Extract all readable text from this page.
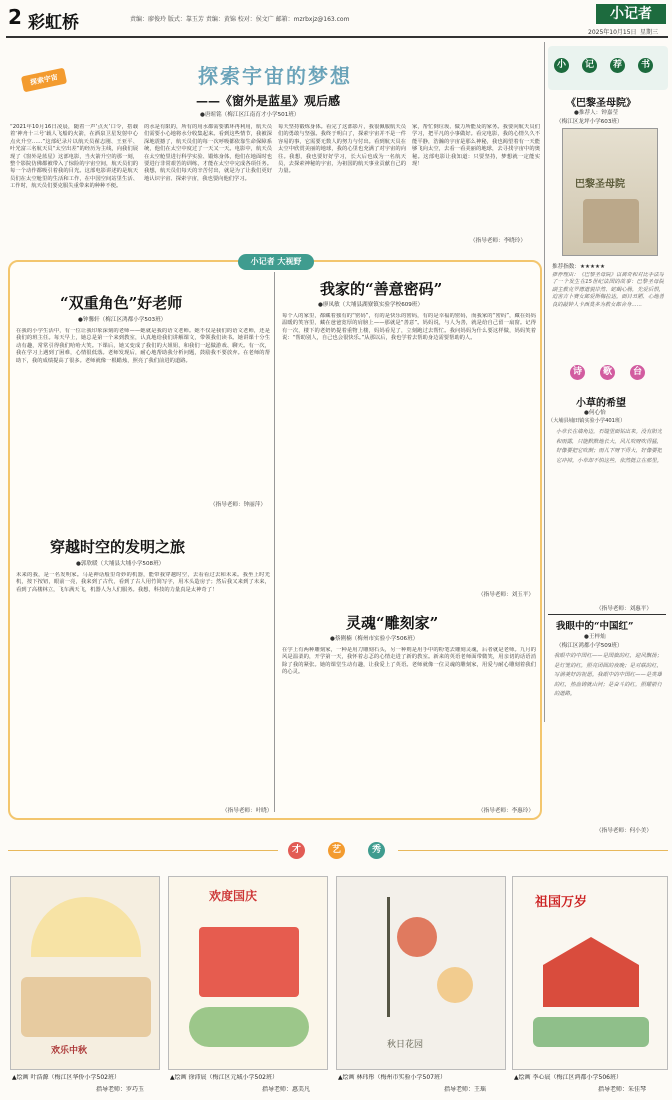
2 彩虹桥	责编：廖俊玲 版式：靠玉芳 责编：黄锦 校对：侯文广 邮箱：mzrbxjz@163.com	小记者
2025年10月15日 星期三
探索宇宙	探索宇宙的梦想
——《窗外是蓝星》观后感
●唐暄铭（梅江区江南育才小学501班）
“2021年10月16日凌晨，随着一声‘点火’口令，搭载着‘神舟十三号’载人飞船的火箭，在酒泉卫星发射中心点火升空……”这部纪录片以航天员翟志刚、王亚平、叶光富三名航天员“太空出差”的经历为主线，向我们展现了《窗外是蓝星》这部电影，当火箭升空的那一刻，整个影院仿佛都被带入了惊险的宇宙空间，航天员们的每一个动作都吸引着我的目光。这部电影讲述的是航天员们在太空舱里的生活和工作，在中国空间站里生活、工作时，航天员们要克服失重带来的种种不便。
的水是有限的，所有的用水都需要循环再利用，航天员们需要小心地将水分收集起来。看到这些情节，我被深深地震撼了，航天员们的每一次呼吸都依靠生命保障系统，他们在太空中度过了一天又一天。电影中，航天员在太空舱里进行科学实验、锻炼身体，他们在地面时也要进行非常艰苦的训练，才能在太空中完成各项任务。我想，航天员们每天的辛苦付出，就是为了让我们更好地认识宇宙、探索宇宙，我也要向他们学习。
每天坚持锻炼身体。看完了这部影片，我很佩服航天员们的勇敢与坚强。我终于明白了，探索宇宙并不是一件容易的事，它需要无数人的努力与付出。看到航天员在太空中欣赏美丽的地球，我的心里也充满了对宇宙的向往。我想，我也要好好学习，长大后也成为一名航天员，去探索神秘的宇宙，为祖国的航天事业贡献自己的力量。
家，帮忙倒垃圾、做力所能及的家务。我要向航天员们学习，把平凡的小事做好。看完电影，我的心情久久不能平静，浩瀚的宇宙是那么神秘，我也渴望着有一天能够飞向太空，去看一看美丽的地球，去寻找宇宙中的奥秘。这部电影让我知道：只要坚持，梦想就一定能实现！
（指导老师：李晓玲）
小	记	荐	书
《巴黎圣母院》
●推荐人：钟嘉莹
（梅江区龙坪小学603班）
巴黎圣母院
推荐指数：★★★★★
推荐理由：《巴黎圣母院》以离奇和对比手法写了一个发生在15世纪法国的故事：巴黎圣母院副主教克罗德道貌岸然、蛇蝎心肠，先爱后恨，迫害吉卜赛女郎爱斯梅拉达。面目丑陋、心地善良的敲钟人卡西莫多为救女郎舍身……
诗	歌	台
小草的希望
●何心怡
（大埔县埔田镇实验小学401班）
小草长在墙角边，石缝里面钻出来。没有阳光和雨露，只能默默地长大。风儿吹呀吹得猛，好像要把它吹倒；雨儿下呀下得大，好像要把它冲掉。小草却不怕这些，依然挺立在那里。
（指导老师：刘惠平）
我眼中的“中国红”
●王梓灿
（梅江区鸿都小学509班）
我眼中的中国红——是国旗的红，迎风飘扬；是灯笼的红，照亮团圆的夜晚；是对联的红，写满美好的祝愿。我眼中的中国红——是英雄的红，热血铸就山河；是奋斗的红，照耀前行的道路。
（指导老师：何小美）
小记者 大视野
“双重角色”好老师
●钟馨轩（梅江区鸿都小学503班）
在我的小学生活中，有一位让我印象深刻的老师——她就是我的语文老师。她不仅是我们的语文老师，还是我们的班主任。每天早上，她总是第一个来到教室，认真地给我们讲解课文，带领我们读书。她讲课十分生动有趣，常常引得我们哈哈大笑。下课后，她又变成了我们的大姐姐，和我们一起做游戏、聊天。有一次，我在学习上遇到了困难，心情很低落。老师发现后，耐心地帮助我分析问题，鼓励我不要放弃。在老师的帮助下，我的成绩提高了很多。老师就像一根蜡烛，照亮了我们前进的道路。
（指导老师：钟丽萍）
我家的“善意密码”
●廖凤敏（大埔县湖寮镇实验学校609班）
每个人的家里，都藏着独有的“密码”，有的是快乐的密码，有的是幸福的密码，而我家的“密码”，藏在妈妈温暖的笑容里，藏在爸爸宽厚的肩膀上——那就是“善意”。妈妈说，与人为善，就是给自己留一扇窗。记得有一次，楼下的老奶奶提着重物上楼，妈妈看见了，立刻跑过去帮忙。我问妈妈为什么要这样做，妈妈笑着说：“帮助别人，自己也会很快乐。”从那以后，我也学着去帮助身边需要帮助的人。
（指导老师：刘玉平）
穿越时空的发明之旅
●郭欣暖（大埔县大埔小学508班）
未来的我，是一名发明家。马是神话般里奇妙的机器，能带我穿越时空，去看看过去和未来。我坐上时光机，按下按钮，眼前一亮，我来到了古代，看到了古人用竹简写字，用木头造房子；然后我又来到了未来，看到了高楼林立，飞车满天飞，机器人为人们服务。我想，科技的力量真是太神奇了！
（指导老师：叶晓）
灵魂“雕刻家”
●蔡俐楠（梅州市实验小学506班）
在学上有两种雕刻家，一种是用刀雕刻石头，另一种则是用手中的粉笔去雕刻灵魂，后者就是老师。九月的风是温柔的，开学第一天，我怀着忐忑的心情走进了新的教室。新来的英语老师面带微笑，用亲切的话语消除了我的紧张。她的课堂生动有趣，让我爱上了英语。老师就像一位灵魂的雕刻家，用爱与耐心雕刻着我们的心灵。
（指导老师：李惠玲）
才	艺	秀
欢乐中秋
欢度国庆
秋日花园
祖国万岁
▲绘画 叶浩源（梅江区华侨小学502班）
指导老师：罗巧玉
▲绘画 徐沛宸（梅江区元城小学502班）
指导老师：惠美凡
▲绘画 林玮彤（梅州市实验小学507班）
指导老师：王瑶
▲绘画 李心宸（梅江区鸿都小学506班）
指导老师：朱佳琴
